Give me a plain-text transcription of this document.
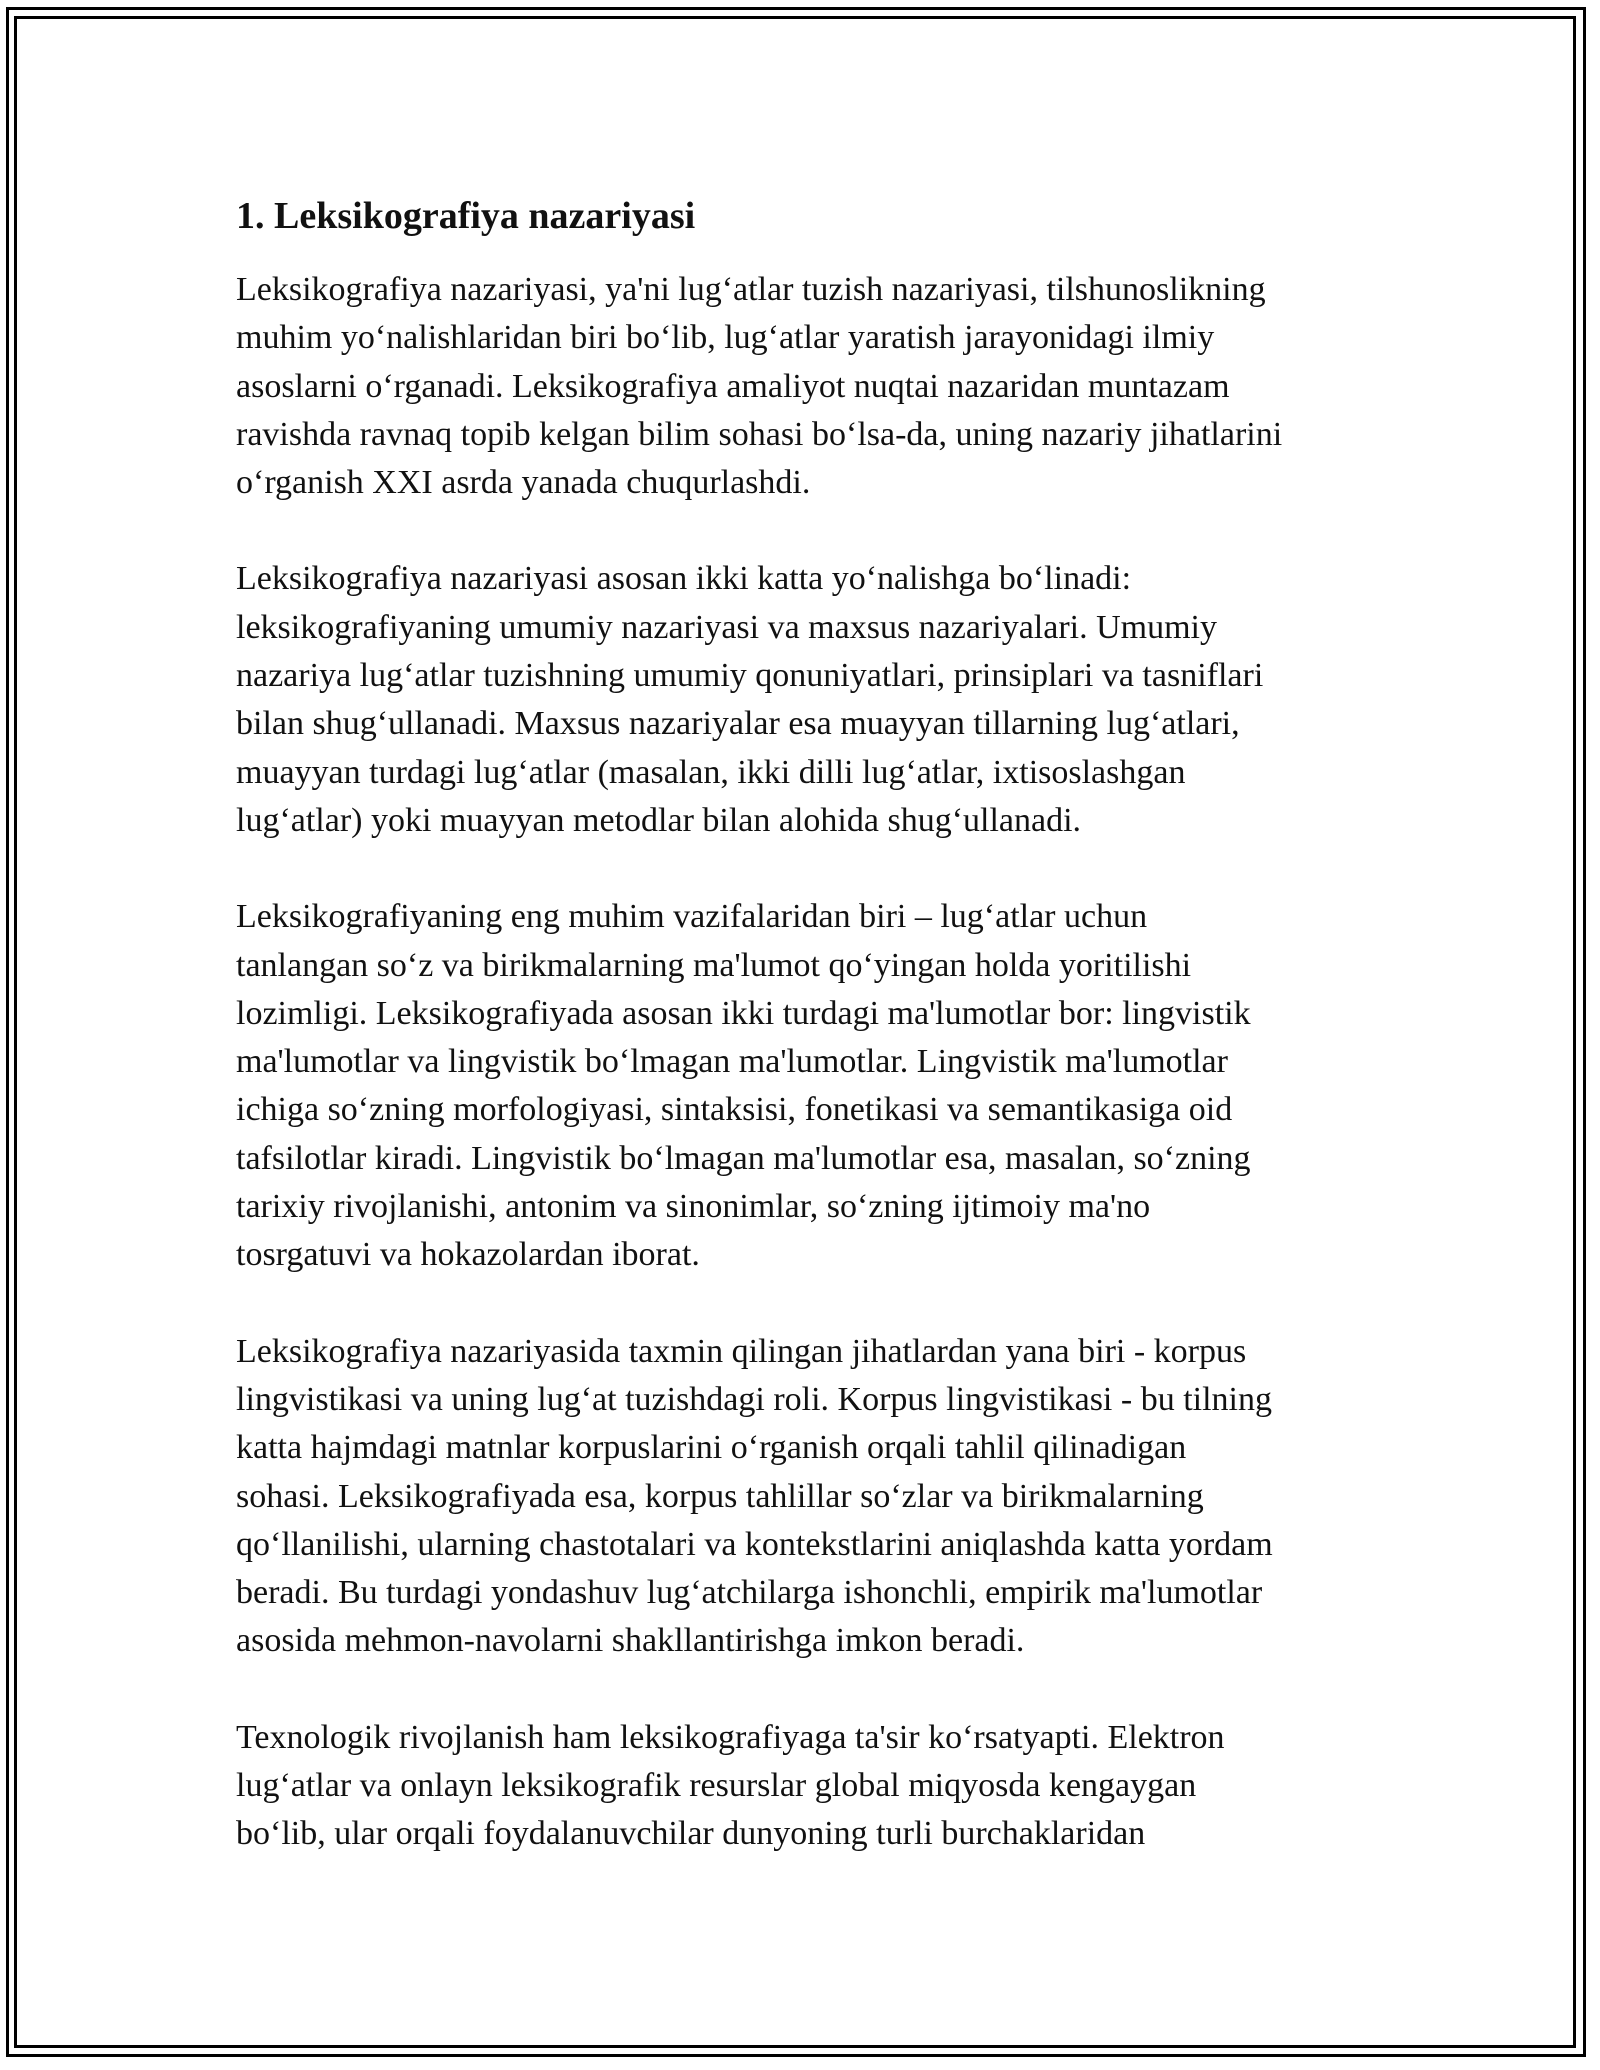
1. Leksikografiya nazariyasi
Leksikografiya nazariyasi, ya'ni lug‘atlar tuzish nazariyasi, tilshunoslikning
muhim yo‘nalishlaridan biri bo‘lib, lug‘atlar yaratish jarayonidagi ilmiy
asoslarni o‘rganadi. Leksikografiya amaliyot nuqtai nazaridan muntazam
ravishda ravnaq topib kelgan bilim sohasi bo‘lsa-da, uning nazariy jihatlarini
o‘rganish XXI asrda yanada chuqurlashdi.
Leksikografiya nazariyasi asosan ikki katta yo‘nalishga bo‘linadi:
leksikografiyaning umumiy nazariyasi va maxsus nazariyalari. Umumiy
nazariya lug‘atlar tuzishning umumiy qonuniyatlari, prinsiplari va tasniflari
bilan shug‘ullanadi. Maxsus nazariyalar esa muayyan tillarning lug‘atlari,
muayyan turdagi lug‘atlar (masalan, ikki dilli lug‘atlar, ixtisoslashgan
lug‘atlar) yoki muayyan metodlar bilan alohida shug‘ullanadi.
Leksikografiyaning eng muhim vazifalaridan biri – lug‘atlar uchun
tanlangan so‘z va birikmalarning ma'lumot qo‘yingan holda yoritilishi
lozimligi. Leksikografiyada asosan ikki turdagi ma'lumotlar bor: lingvistik
ma'lumotlar va lingvistik bo‘lmagan ma'lumotlar. Lingvistik ma'lumotlar
ichiga so‘zning morfologiyasi, sintaksisi, fonetikasi va semantikasiga oid
tafsilotlar kiradi. Lingvistik bo‘lmagan ma'lumotlar esa, masalan, so‘zning
tarixiy rivojlanishi, antonim va sinonimlar, so‘zning ijtimoiy ma'no
tosrgatuvi va hokazolardan iborat.
Leksikografiya nazariyasida taxmin qilingan jihatlardan yana biri - korpus
lingvistikasi va uning lug‘at tuzishdagi roli. Korpus lingvistikasi - bu tilning
katta hajmdagi matnlar korpuslarini o‘rganish orqali tahlil qilinadigan
sohasi. Leksikografiyada esa, korpus tahlillar so‘zlar va birikmalarning
qo‘llanilishi, ularning chastotalari va kontekstlarini aniqlashda katta yordam
beradi. Bu turdagi yondashuv lug‘atchilarga ishonchli, empirik ma'lumotlar
asosida mehmon-navolarni shakllantirishga imkon beradi.
Texnologik rivojlanish ham leksikografiyaga ta'sir ko‘rsatyapti. Elektron
lug‘atlar va onlayn leksikografik resurslar global miqyosda kengaygan
bo‘lib, ular orqali foydalanuvchilar dunyoning turli burchaklaridan
